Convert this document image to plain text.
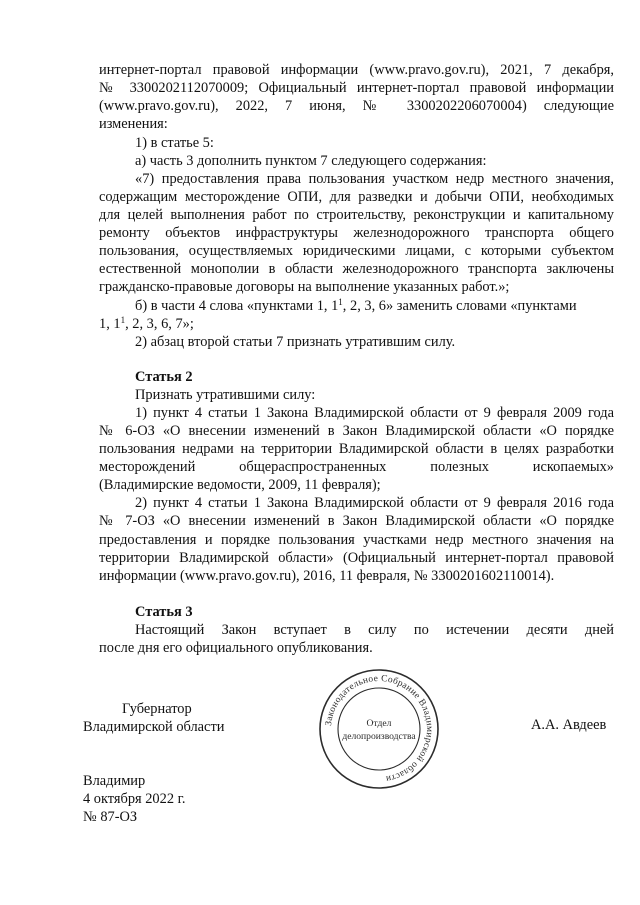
интернет-портал правовой информации (www.pravo.gov.ru), 2021, 7 декабря,
№ 3300202112070009; Официальный интернет-портал правовой информации
(www.pravo.gov.ru), 2022, 7 июня, № 3300202206070004) следующие
изменения:
1) в статье 5:
а) часть 3 дополнить пунктом 7 следующего содержания:
«7) предоставления права пользования участком недр местного значения,
содержащим месторождение ОПИ, для разведки и добычи ОПИ, необходимых
для целей выполнения работ по строительству, реконструкции и капитальному
ремонту объектов инфраструктуры железнодорожного транспорта общего
пользования, осуществляемых юридическими лицами, с которыми субъектом
естественной монополии в области железнодорожного транспорта заключены
гражданско-правовые договоры на выполнение указанных работ.»;
б) в части 4 слова «пунктами 1, $1^1$, 2, 3, 6» заменить словами «пунктами
1, $1^1$, 2, 3, 6, 7»;
2) абзац второй статьи 7 признать утратившим силу.
Статья 2
Признать утратившими силу:
1) пункт 4 статьи 1 Закона Владимирской области от 9 февраля 2009 года
№ 6-ОЗ «О внесении изменений в Закон Владимирской области «О порядке
пользования недрами на территории Владимирской области в целях разработки
месторождений общераспространенных полезных ископаемых»
(Владимирские ведомости, 2009, 11 февраля);
2) пункт 4 статьи 1 Закона Владимирской области от 9 февраля 2016 года
№ 7-ОЗ «О внесении изменений в Закон Владимирской области «О порядке
предоставления и порядке пользования участками недр местного значения на
территории Владимирской области» (Официальный интернет-портал правовой
информации (www.pravo.gov.ru), 2016, 11 февраля, № 3300201602110014).
Статья 3
Настоящий Закон вступает в силу по истечении десяти дней
после дня его официального опубликования.
Губернатор
Владимирской области	А.А. Авдеев
Законодательное Собрание Владимирской области
Отдел
делопроизводства
Владимир
4 октября 2022 г.
№ 87-ОЗ
